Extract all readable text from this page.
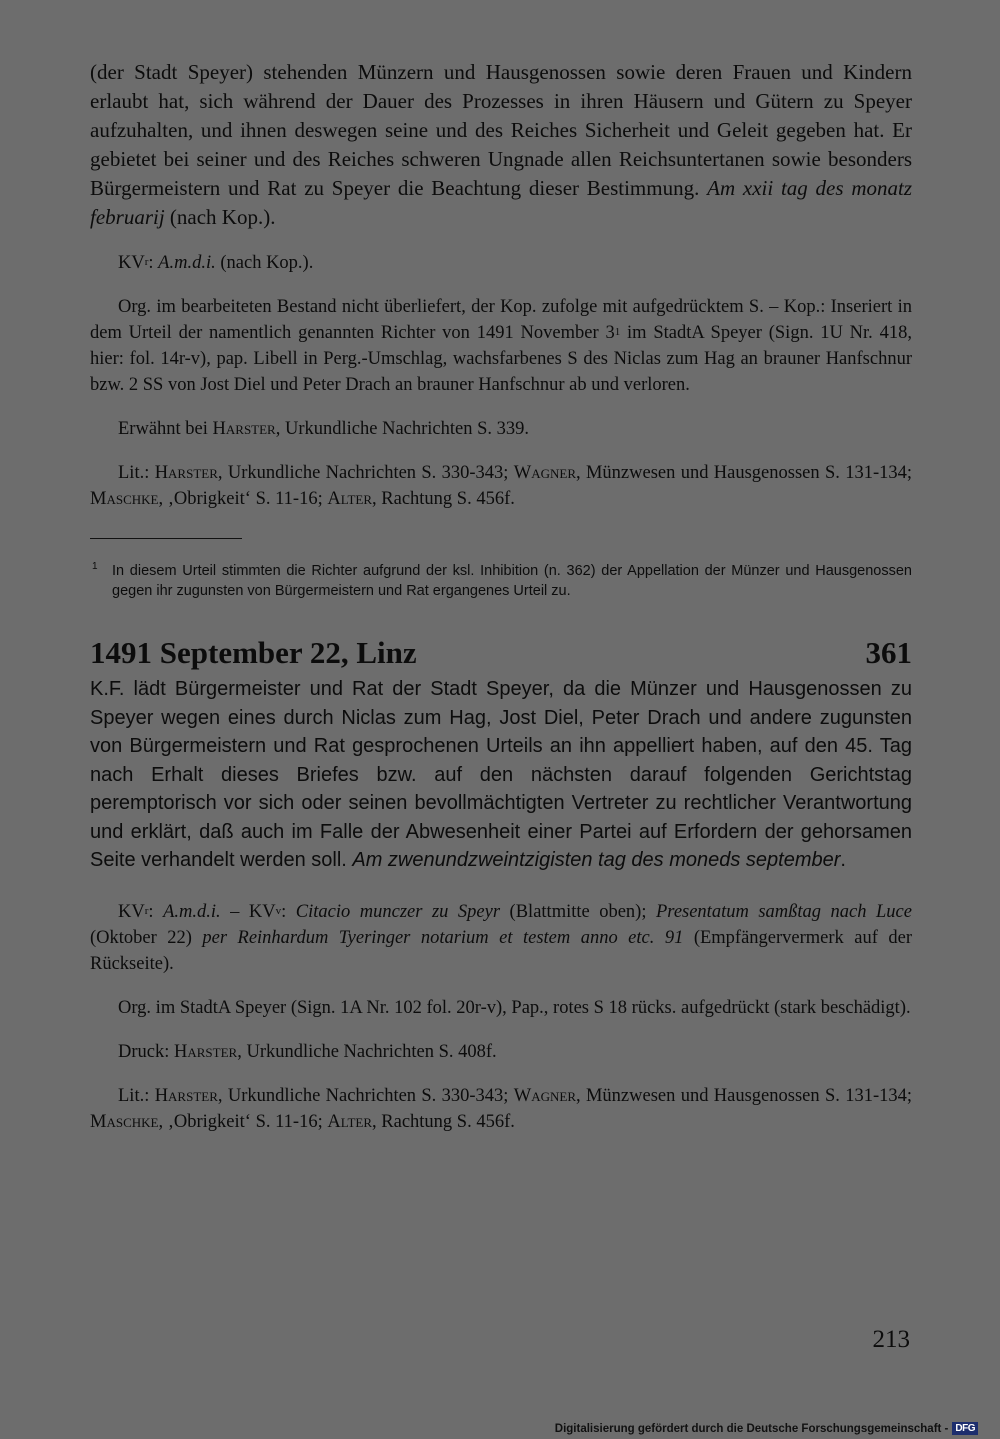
(der Stadt Speyer) stehenden Münzern und Hausgenossen sowie deren Frauen und Kindern erlaubt hat, sich während der Dauer des Prozesses in ihren Häusern und Gütern zu Speyer aufzuhalten, und ihnen deswegen seine und des Reiches Sicherheit und Geleit gegeben hat. Er gebietet bei seiner und des Reiches schweren Ungnade allen Reichsuntertanen sowie besonders Bürgermeistern und Rat zu Speyer die Beachtung dieser Bestimmung. Am xxii tag des monatz februarij (nach Kop.).

$KV^r$: A.m.d.i. (nach Kop.).

Org. im bearbeiteten Bestand nicht überliefert, der Kop. zufolge mit aufgedrücktem S. – Kop.: Inseriert in dem Urteil der namentlich genannten Richter von 1491 November $3^1$ im StadtA Speyer (Sign. 1U Nr. 418, hier: fol. 14r-v), pap. Libell in Perg.-Umschlag, wachsfarbenes S des Niclas zum Hag an brauner Hanfschnur bzw. 2 SS von Jost Diel und Peter Drach an brauner Hanfschnur ab und verloren.

Erwähnt bei Harster, Urkundliche Nachrichten S. 339.

Lit.: Harster, Urkundliche Nachrichten S. 330-343; Wagner, Münzwesen und Hausgenossen S. 131-134; Maschke, ‚Obrigkeit‘ S. 11-16; Alter, Rachtung S. 456f.

1 In diesem Urteil stimmten die Richter aufgrund der ksl. Inhibition (n. 362) der Appellation der Münzer und Hausgenossen gegen ihr zugunsten von Bürgermeistern und Rat ergangenes Urteil zu.

1491 September 22, Linz	361

K.F. lädt Bürgermeister und Rat der Stadt Speyer, da die Münzer und Hausgenossen zu Speyer wegen eines durch Niclas zum Hag, Jost Diel, Peter Drach und andere zugunsten von Bürgermeistern und Rat gesprochenen Urteils an ihn appelliert haben, auf den 45. Tag nach Erhalt dieses Briefes bzw. auf den nächsten darauf folgenden Gerichtstag peremptorisch vor sich oder seinen bevollmächtigten Vertreter zu rechtlicher Verantwortung und erklärt, daß auch im Falle der Abwesenheit einer Partei auf Erfordern der gehorsamen Seite verhandelt werden soll. Am zwenundzweintzigisten tag des moneds september.

$KV^r$: A.m.d.i. – $KV^v$: Citacio munczer zu Speyr (Blattmitte oben); Presentatum samßtag nach Luce (Oktober 22) per Reinhardum Tyeringer notarium et testem anno etc. 91 (Empfängervermerk auf der Rückseite).

Org. im StadtA Speyer (Sign. 1A Nr. 102 fol. 20r-v), Pap., rotes S 18 rücks. aufgedrückt (stark beschädigt).

Druck: Harster, Urkundliche Nachrichten S. 408f.

Lit.: Harster, Urkundliche Nachrichten S. 330-343; Wagner, Münzwesen und Hausgenossen S. 131-134; Maschke, ‚Obrigkeit‘ S. 11-16; Alter, Rachtung S. 456f.

213
Digitalisierung gefördert durch die Deutsche Forschungsgemeinschaft - DFG
